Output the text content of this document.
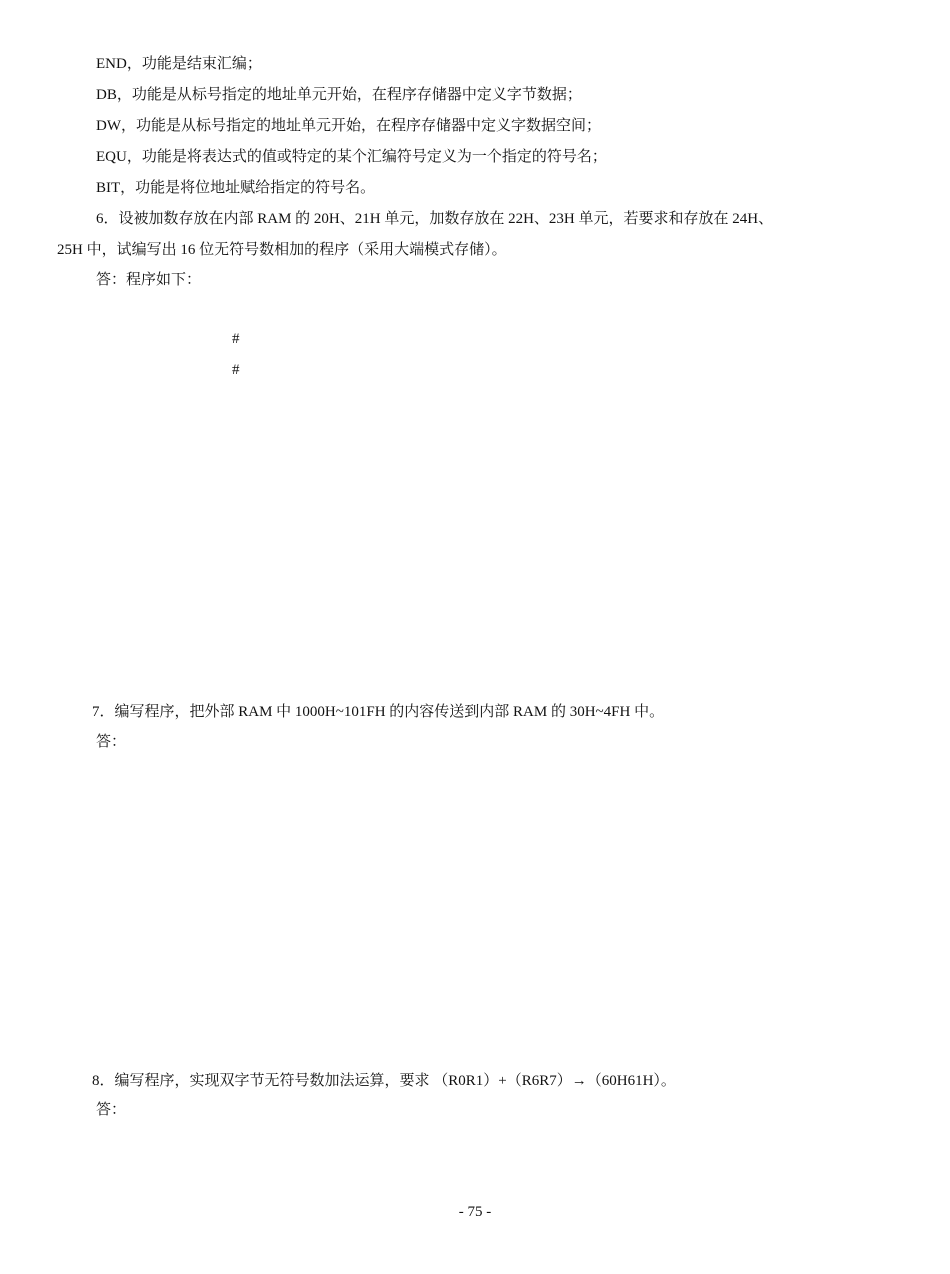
END，功能是结束汇编；
DB，功能是从标号指定的地址单元开始，在程序存储器中定义字节数据；
DW，功能是从标号指定的地址单元开始，在程序存储器中定义字数据空间；
EQU，功能是将表达式的值或特定的某个汇编符号定义为一个指定的符号名；
BIT，功能是将位地址赋给指定的符号名。
6．设被加数存放在内部 RAM 的 20H、21H 单元，加数存放在 22H、23H 单元，若要求和存放在 24H、
25H 中，试编写出 16 位无符号数相加的程序（采用大端模式存储）。
答：程序如下：
#
#
7．编写程序，把外部 RAM 中 1000H~101FH 的内容传送到内部 RAM 的 30H~4FH 中。
答：
8．编写程序，实现双字节无符号数加法运算，要求 （R0R1）+（R6R7）→（60H61H）。
答：
- 75 -
